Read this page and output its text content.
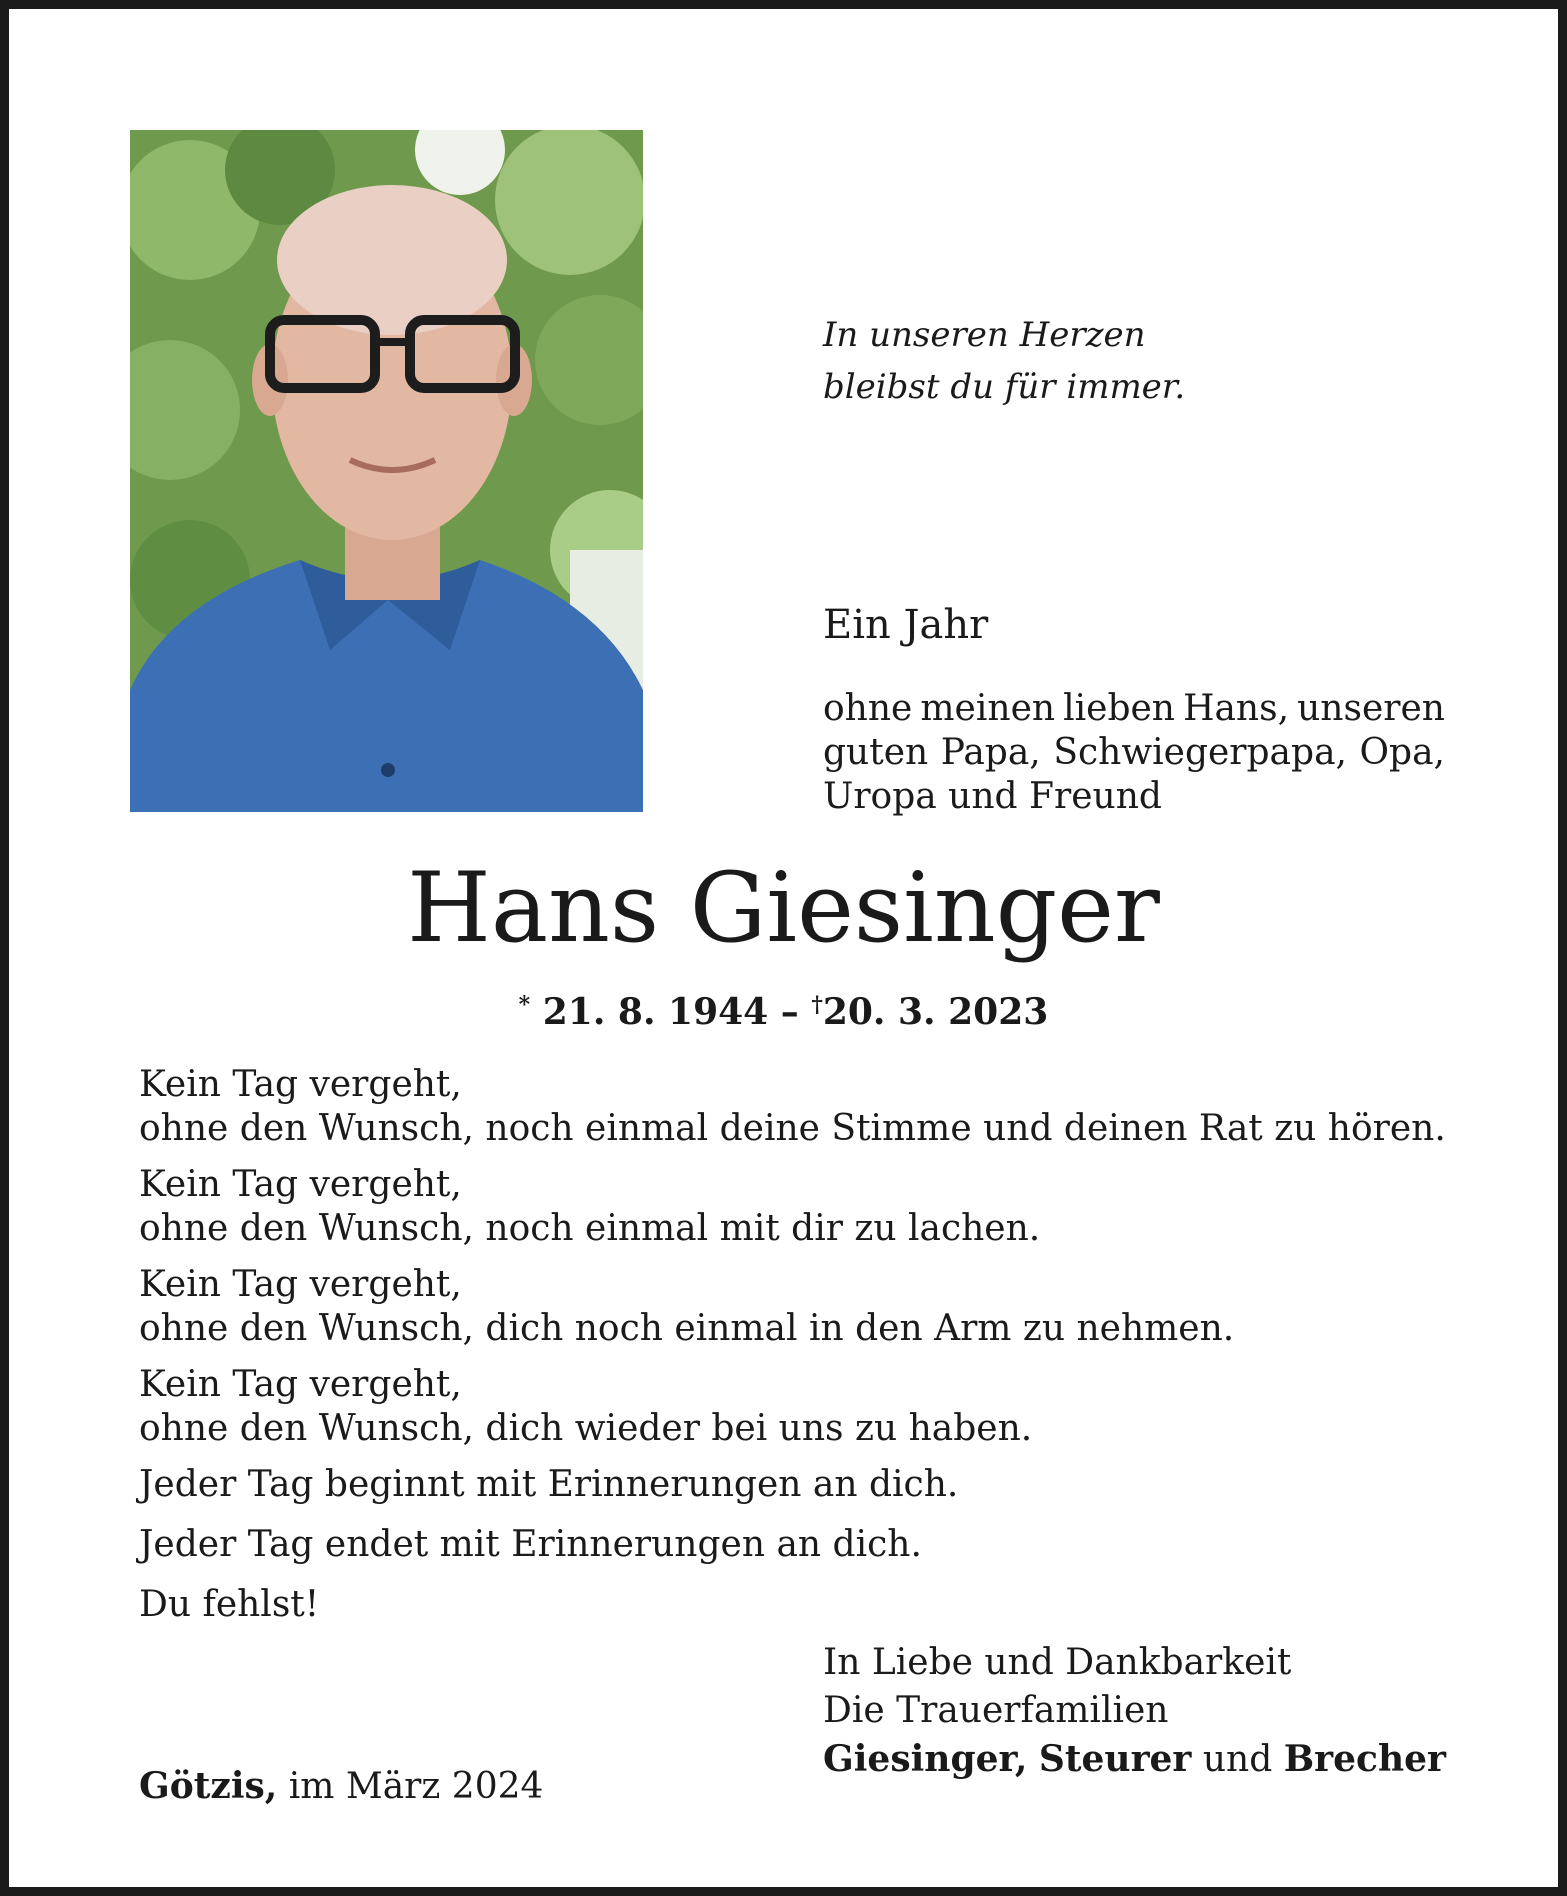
In unseren Herzen
bleibst du für immer.
Ein Jahr
ohne meinen lieben Hans, unseren
guten Papa, Schwiegerpapa, Opa,
Uropa und Freund
Hans Giesinger
* 21. 8. 1944 – †20. 3. 2023
Kein Tag vergeht,
ohne den Wunsch, noch einmal deine Stimme und deinen Rat zu hören.
Kein Tag vergeht,
ohne den Wunsch, noch einmal mit dir zu lachen.
Kein Tag vergeht,
ohne den Wunsch, dich noch einmal in den Arm zu nehmen.
Kein Tag vergeht,
ohne den Wunsch, dich wieder bei uns zu haben.
Jeder Tag beginnt mit Erinnerungen an dich.
Jeder Tag endet mit Erinnerungen an dich.
Du fehlst!
In Liebe und Dankbarkeit
Die Trauerfamilien
Giesinger, Steurer und Brecher
Götzis, im März 2024
